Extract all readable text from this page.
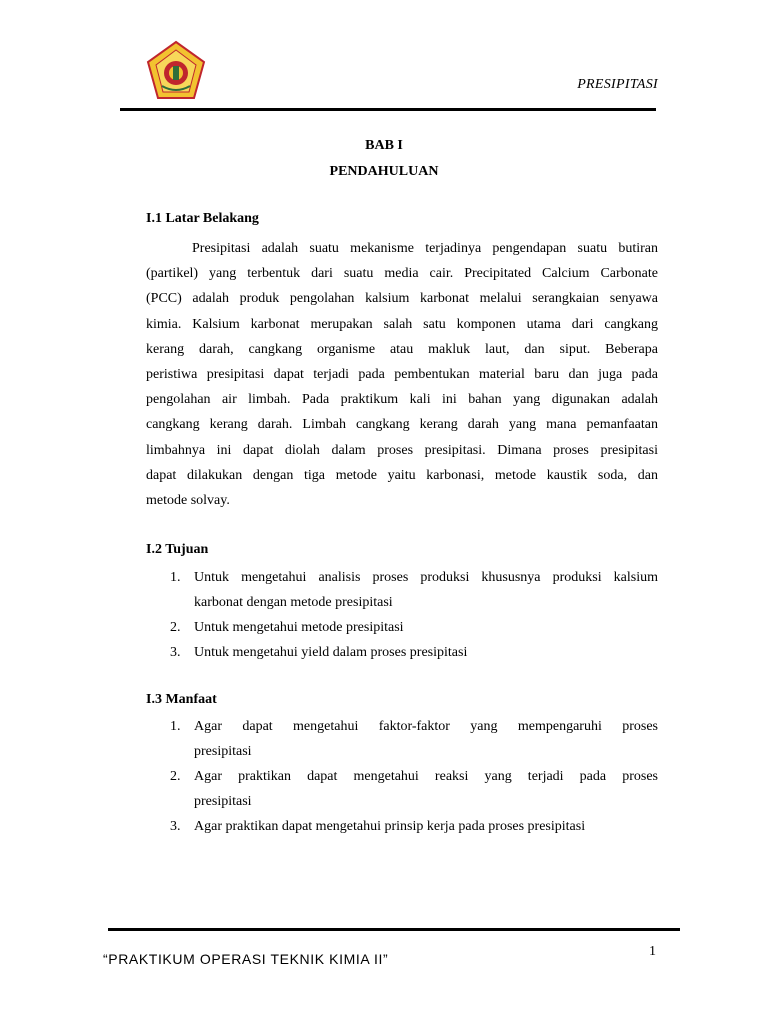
PRESIPITASI
BAB I
PENDAHULUAN
I.1 Latar Belakang
Presipitasi adalah suatu mekanisme terjadinya pengendapan suatu butiran
(partikel) yang terbentuk dari suatu media cair. Precipitated Calcium Carbonate
(PCC) adalah produk pengolahan kalsium karbonat melalui serangkaian senyawa
kimia. Kalsium karbonat merupakan salah satu komponen utama dari cangkang
kerang darah, cangkang organisme atau makluk laut, dan siput. Beberapa
peristiwa presipitasi dapat terjadi pada pembentukan material baru dan juga pada
pengolahan air limbah. Pada praktikum kali ini bahan yang digunakan adalah
cangkang kerang darah. Limbah cangkang kerang darah yang mana pemanfaatan
limbahnya ini dapat diolah dalam proses presipitasi. Dimana proses presipitasi
dapat dilakukan dengan tiga metode yaitu karbonasi, metode kaustik soda, dan
metode solvay.
I.2 Tujuan
1. Untuk mengetahui analisis proses produksi khususnya produksi kalsium
karbonat dengan metode presipitasi
2. Untuk mengetahui metode presipitasi
3. Untuk mengetahui yield dalam proses presipitasi
I.3 Manfaat
1. Agar dapat mengetahui faktor-faktor yang mempengaruhi proses
presipitasi
2. Agar praktikan dapat mengetahui reaksi yang terjadi pada proses
presipitasi
3. Agar praktikan dapat mengetahui prinsip kerja pada proses presipitasi
“PRAKTIKUM OPERASI TEKNIK KIMIA II”	1
